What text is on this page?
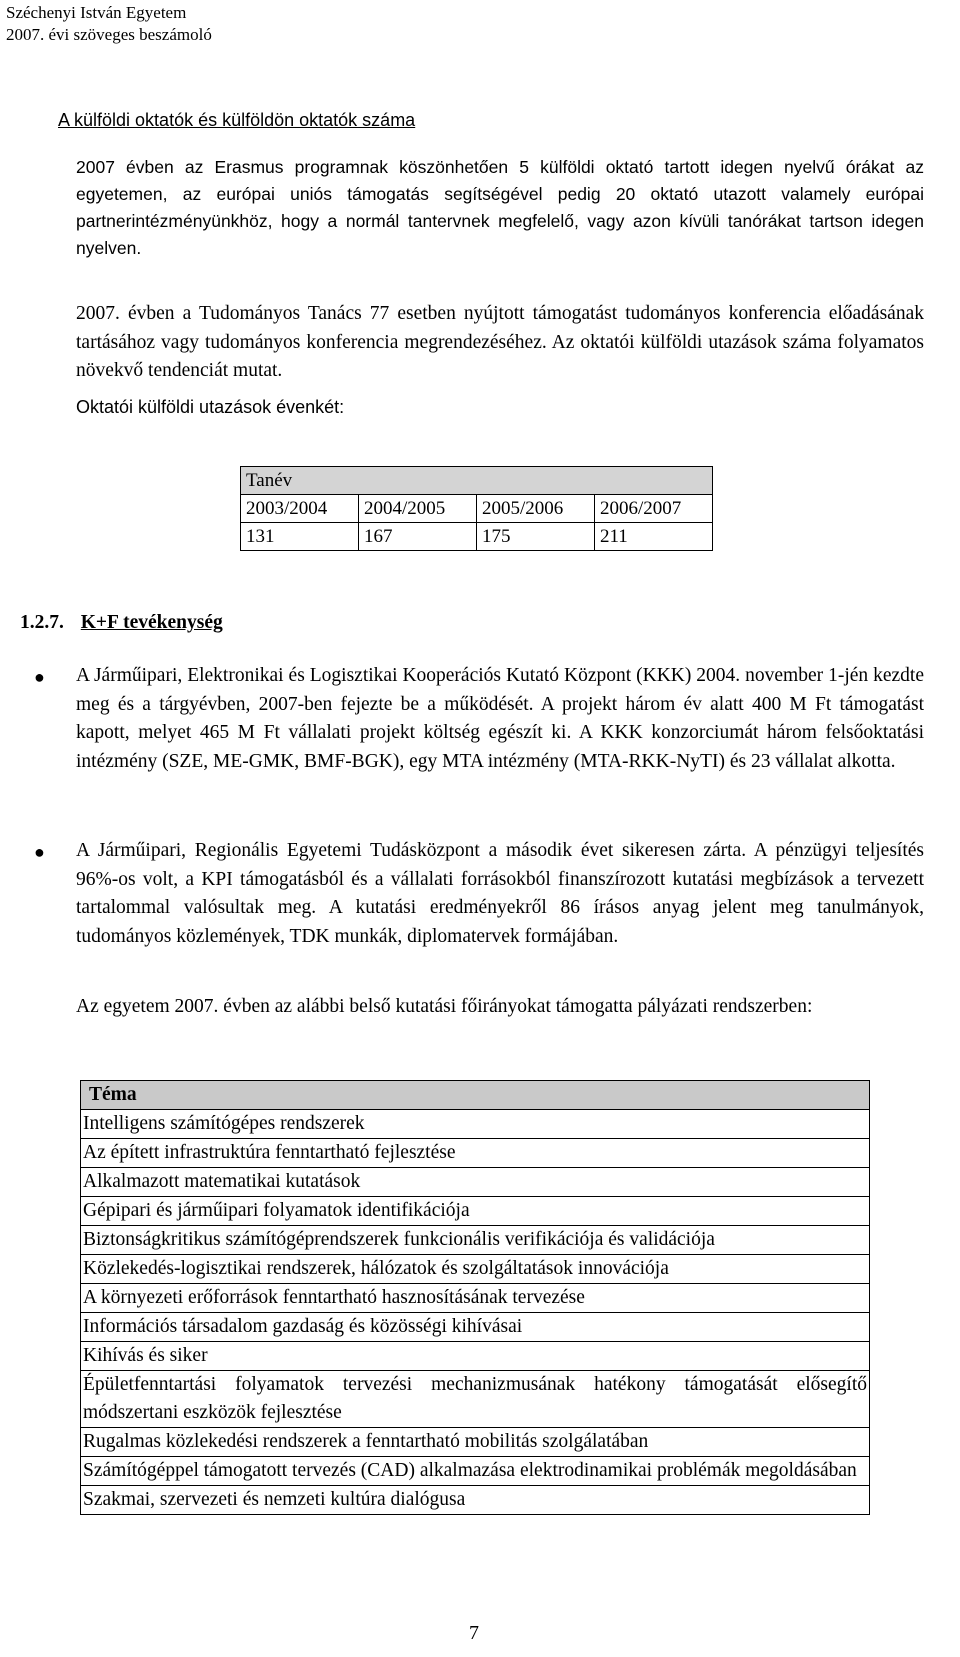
Széchenyi István Egyetem
2007. évi szöveges beszámoló

A külföldi oktatók és külföldön oktatók száma

2007 évben az Erasmus programnak köszönhetően 5 külföldi oktató tartott idegen nyelvű órákat az egyetemen, az európai uniós támogatás segítségével pedig 20 oktató utazott valamely európai partnerintézményünkhöz, hogy a normál tantervnek megfelelő, vagy azon kívüli tanórákat tartson idegen nyelven.

2007. évben a Tudományos Tanács 77 esetben nyújtott támogatást tudományos konferencia előadásának tartásához vagy tudományos konferencia megrendezéséhez. Az oktatói külföldi utazások száma folyamatos növekvő tendenciát mutat.

Oktatói külföldi utazások évenkét:

Tanév			
2003/2004	2004/2005	2005/2006	2006/2007
131	167	175	211
1.2.7. K+F tevékenység
● A Járműipari, Elektronikai és Logisztikai Kooperációs Kutató Központ (KKK) 2004. november 1-jén kezdte meg és a tárgyévben, 2007-ben fejezte be a működését. A projekt három év alatt 400 M Ft támogatást kapott, melyet 465 M Ft vállalati projekt költség egészít ki. A KKK konzorciumát három felsőoktatási intézmény (SZE, ME-GMK, BMF-BGK), egy MTA intézmény (MTA-RKK-NyTI) és 23 vállalat alkotta.

● A Járműipari, Regionális Egyetemi Tudásközpont a második évet sikeresen zárta. A pénzügyi teljesítés 96%-os volt, a KPI támogatásból és a vállalati forrásokból finanszírozott kutatási megbízások a tervezett tartalommal valósultak meg. A kutatási eredményekről 86 írásos anyag jelent meg tanulmányok, tudományos közlemények, TDK munkák, diplomatervek formájában.

Az egyetem 2007. évben az alábbi belső kutatási főirányokat támogatta pályázati rendszerben:

Téma
Intelligens számítógépes rendszerek
Az épített infrastruktúra fenntartható fejlesztése
Alkalmazott matematikai kutatások
Gépipari és járműipari folyamatok identifikációja
Biztonságkritikus számítógéprendszerek funkcionális verifikációja és validációja
Közlekedés-logisztikai rendszerek, hálózatok és szolgáltatások innovációja
A környezeti erőforrások fenntartható hasznosításának tervezése
Információs társadalom gazdaság és közösségi kihívásai
Kihívás és siker
Épületfenntartási folyamatok tervezési mechanizmusának hatékony támogatását elősegítő módszertani eszközök fejlesztése
Rugalmas közlekedési rendszerek a fenntartható mobilitás szolgálatában
Számítógéppel támogatott tervezés (CAD) alkalmazása elektrodinamikai problémák megoldásában
Szakmai, szervezeti és nemzeti kultúra dialógusa
7
